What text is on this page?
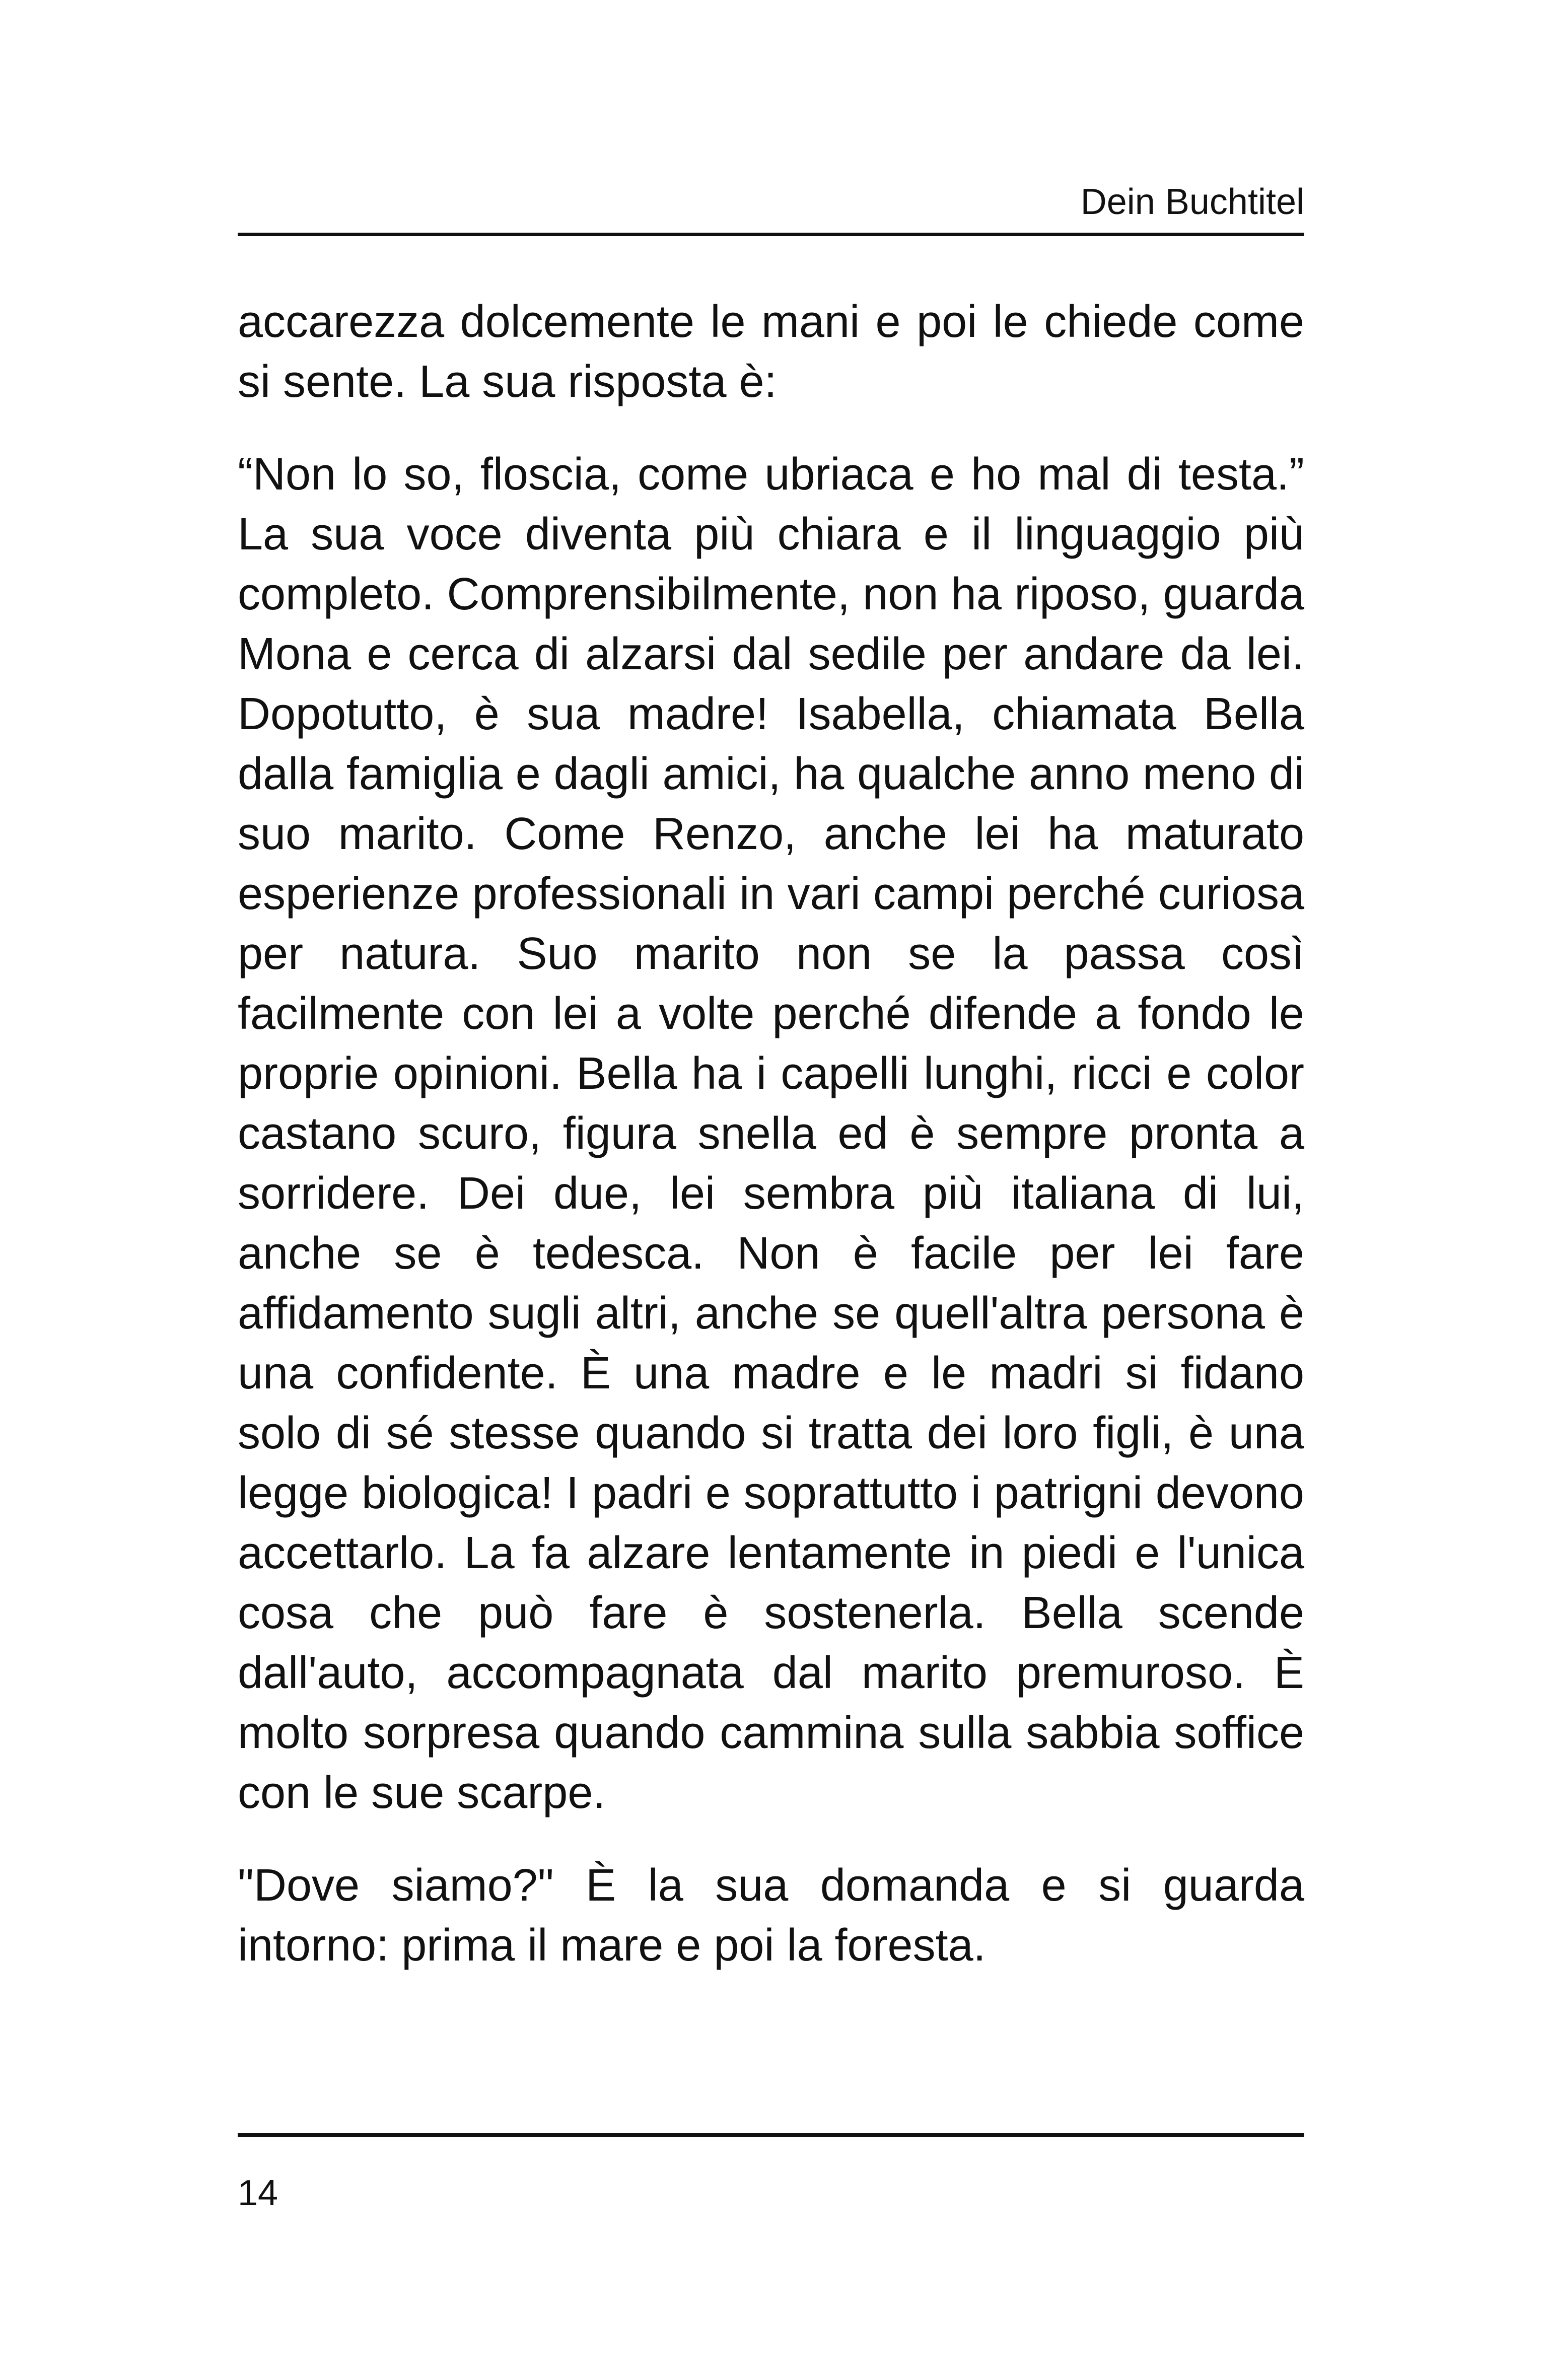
Dein Buchtitel

accarezza dolcemente le mani e poi le chiede come si sente. La sua risposta è:

“Non lo so, floscia, come ubriaca e ho mal di testa.” La sua voce diventa più chiara e il linguaggio più completo. Comprensibilmente, non ha riposo, guarda Mona e cerca di alzarsi dal sedile per andare da lei. Dopotutto, è sua madre! Isabella, chiamata Bella dalla famiglia e dagli amici, ha qualche anno meno di suo marito. Come Renzo, anche lei ha maturato esperienze professionali in vari campi perché curiosa per natura. Suo marito non se la passa così facilmente con lei a volte perché difende a fondo le proprie opinioni. Bella ha i capelli lunghi, ricci e color castano scuro, figura snella ed è sempre pronta a sorridere. Dei due, lei sembra più italiana di lui, anche se è tedesca. Non è facile per lei fare affidamento sugli altri, anche se quell'altra persona è una confidente. È una madre e le madri si fidano solo di sé stesse quando si tratta dei loro figli, è una legge biologica! I padri e soprattutto i patrigni devono accettarlo. La fa alzare lentamente in piedi e l'unica cosa che può fare è sostenerla. Bella scende dall'auto, accompagnata dal marito premuroso. È molto sorpresa quando cammina sulla sabbia soffice con le sue scarpe.

"Dove siamo?" È la sua domanda e si guarda intorno: prima il mare e poi la foresta.

14
